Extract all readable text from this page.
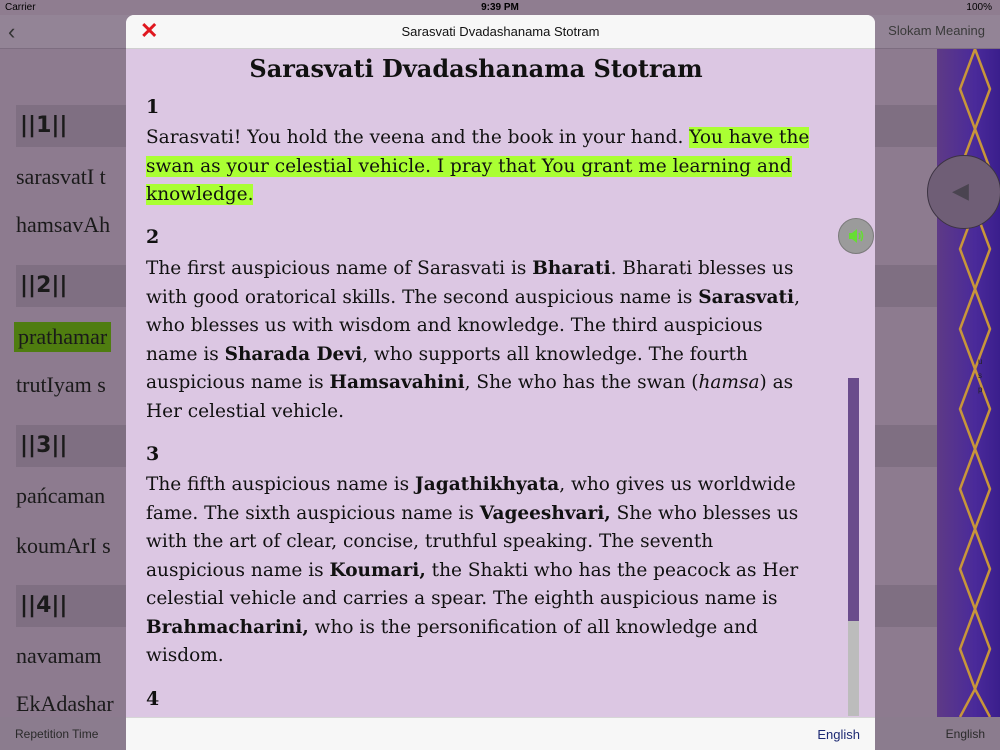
Carrier	9:39 PM	100%
‹	Slokam Meaning
||1||
sarasvatI t
hamsavAh
||2||
prathamar
trutIyam s
||3||
pańcaman
koumArI s
||4||
navamam
EkAdashar
◀
u
s
p
Repetition Time	English
✕	Sarasvati Dvadashanama Stotram
Sarasvati Dvadashanama Stotram
1

Sarasvati! You hold the veena and the book in your hand. You have the swan as your celestial vehicle. I pray that You grant me learning and knowledge.

2

The first auspicious name of Sarasvati is Bharati. Bharati blesses us with good oratorical skills. The second auspicious name is Sarasvati, who blesses us with wisdom and knowledge. The third auspicious name is Sharada Devi, who supports all knowledge. The fourth auspicious name is Hamsavahini, She who has the swan (hamsa) as Her celestial vehicle.

3

The fifth auspicious name is Jagathikhyata, who gives us worldwide fame. The sixth auspicious name is Vageeshvari, She who blesses us with the art of clear, concise, truthful speaking. The seventh auspicious name is Koumari, the Shakti who has the peacock as Her celestial vehicle and carries a spear. The eighth auspicious name is Brahmacharini, who is the personification of all knowledge and wisdom.

4
English
